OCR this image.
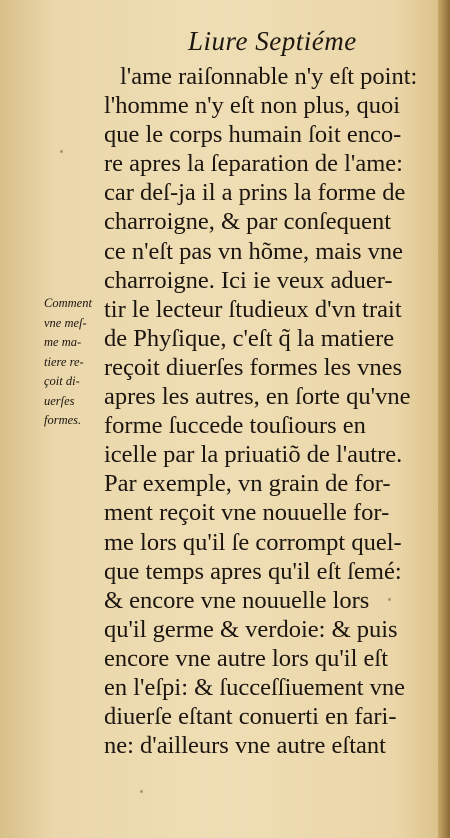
Liure Septiéme
l'ame raiſonnable n'y eſt point:
l'homme n'y eſt non plus, quoi
que le corps humain ſoit enco-
re apres la ſeparation de l'ame:
car deſ-ja il a prins la forme de
charroigne, & par conſequent
ce n'eſt pas vn hõme, mais vne
charroigne. Ici ie veux aduer-
tir le lecteur ſtudieux d'vn trait
de Phyſique, c'eſt q̃ la matiere
reçoit diuerſes formes les vnes
apres les autres, en ſorte qu'vne
forme ſuccede touſiours en
icelle par la priuatiõ de l'autre.
Par exemple, vn grain de for-
ment reçoit vne nouuelle for-
me lors qu'il ſe corrompt quel-
que temps apres qu'il eſt ſemé:
& encore vne nouuelle lors
qu'il germe & verdoie: & puis
encore vne autre lors qu'il eſt
en l'eſpi: & ſucceſſiuement vne
diuerſe eſtant conuerti en fari-
ne: d'ailleurs vne autre eſtant
Comment
vne meſ-
me ma-
tiere re-
çoit di-
uerſes
formes.
